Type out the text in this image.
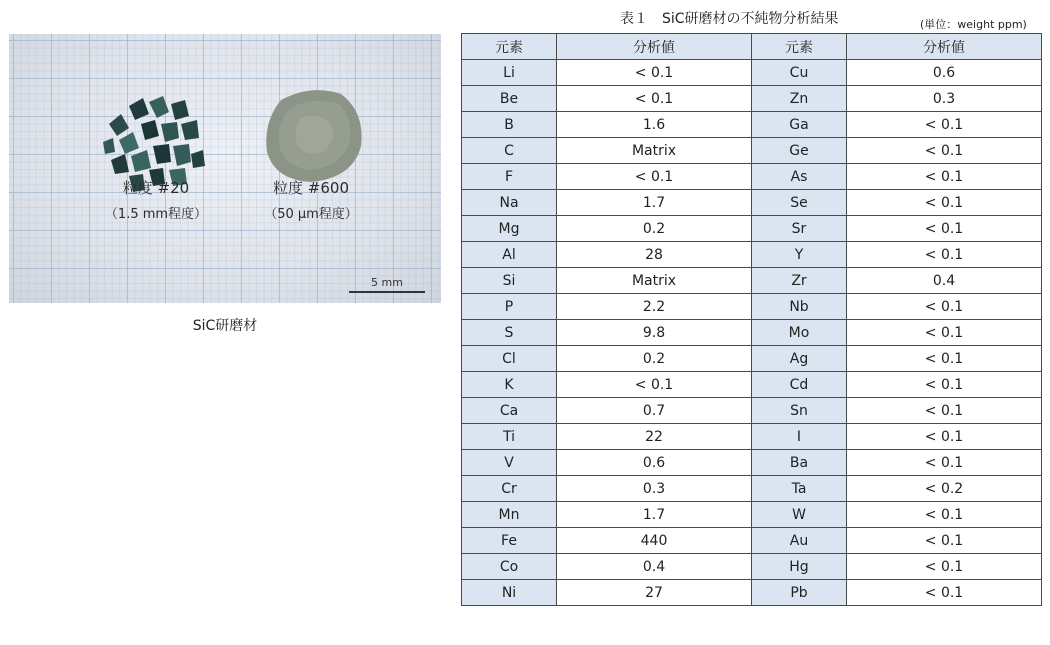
粒度 #20
（1.5 mm程度）
粒度 #600
（50 μm程度）
5 mm
SiC研磨材
表１　SiC研磨材の不純物分析結果	(単位：weight ppm)
元素	分析値	元素	分析値
Li	< 0.1	Cu	0.6
Be	< 0.1	Zn	0.3
B	1.6	Ga	< 0.1
C	Matrix	Ge	< 0.1
F	< 0.1	As	< 0.1
Na	1.7	Se	< 0.1
Mg	0.2	Sr	< 0.1
Al	28	Y	< 0.1
Si	Matrix	Zr	0.4
P	2.2	Nb	< 0.1
S	9.8	Mo	< 0.1
Cl	0.2	Ag	< 0.1
K	< 0.1	Cd	< 0.1
Ca	0.7	Sn	< 0.1
Ti	22	I	< 0.1
V	0.6	Ba	< 0.1
Cr	0.3	Ta	< 0.2
Mn	1.7	W	< 0.1
Fe	440	Au	< 0.1
Co	0.4	Hg	< 0.1
Ni	27	Pb	< 0.1
